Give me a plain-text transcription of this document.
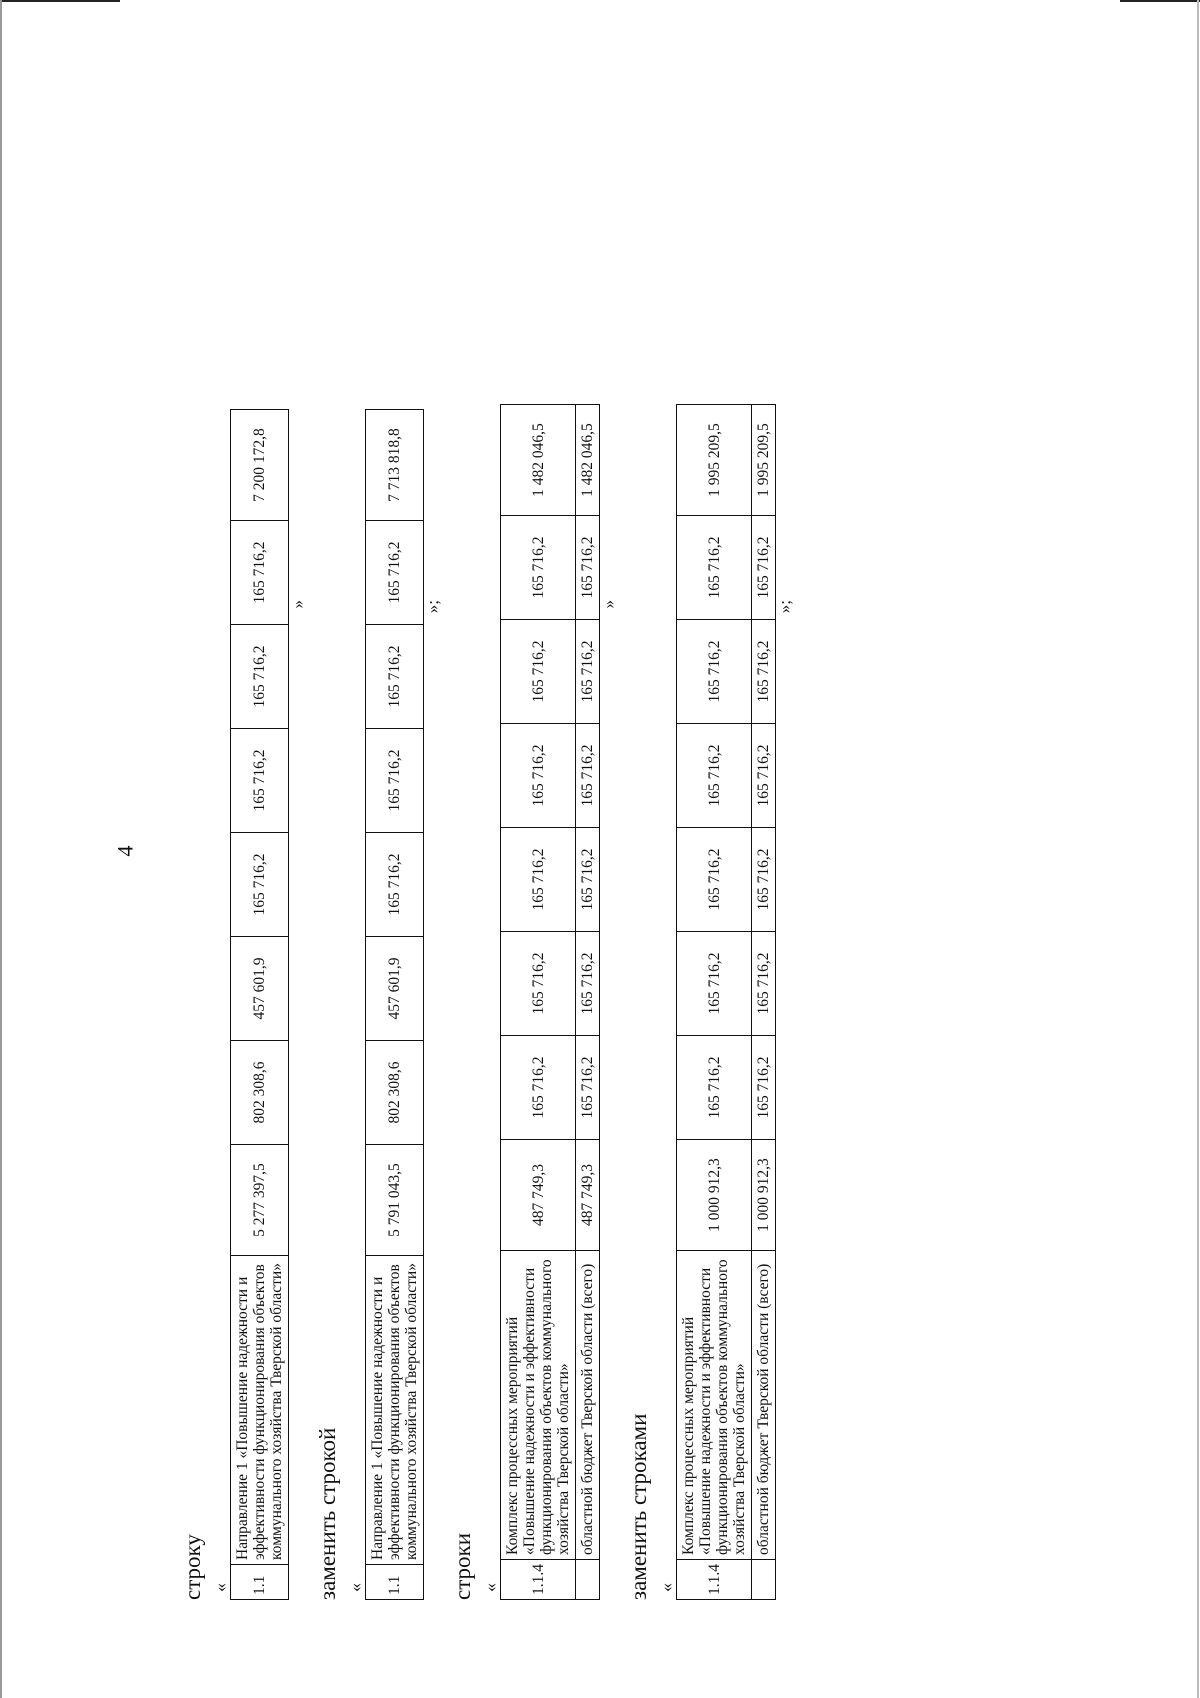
4
строку « 1.1	Направление 1 «Повышение надежности и эффективности функционирования объектов коммунального хозяйства Тверской области»	5 277 397,5	802 308,6	457 601,9	165 716,2	165 716,2	165 716,2	165 716,2	7 200 172,8
»
заменить строкой « 1.1	Направление 1 «Повышение надежности и эффективности функционирования объектов коммунального хозяйства Тверской области»	5 791 043,5	802 308,6	457 601,9	165 716,2	165 716,2	165 716,2	165 716,2	7 713 818,8
»;
строки « 1.1.4	Комплекс процессных мероприятий «Повышение надежности и эффективности функционирования объектов коммунального хозяйства Тверской области»	487 749,3	165 716,2	165 716,2	165 716,2	165 716,2	165 716,2	165 716,2	1 482 046,5
	областной бюджет Тверской области (всего)	487 749,3	165 716,2	165 716,2	165 716,2	165 716,2	165 716,2	165 716,2	1 482 046,5
»
заменить строками « 1.1.4	Комплекс процессных мероприятий «Повышение надежности и эффективности функционирования объектов коммунального хозяйства Тверской области»	1 000 912,3	165 716,2	165 716,2	165 716,2	165 716,2	165 716,2	165 716,2	1 995 209,5
	областной бюджет Тверской области (всего)	1 000 912,3	165 716,2	165 716,2	165 716,2	165 716,2	165 716,2	165 716,2	1 995 209,5
»;
